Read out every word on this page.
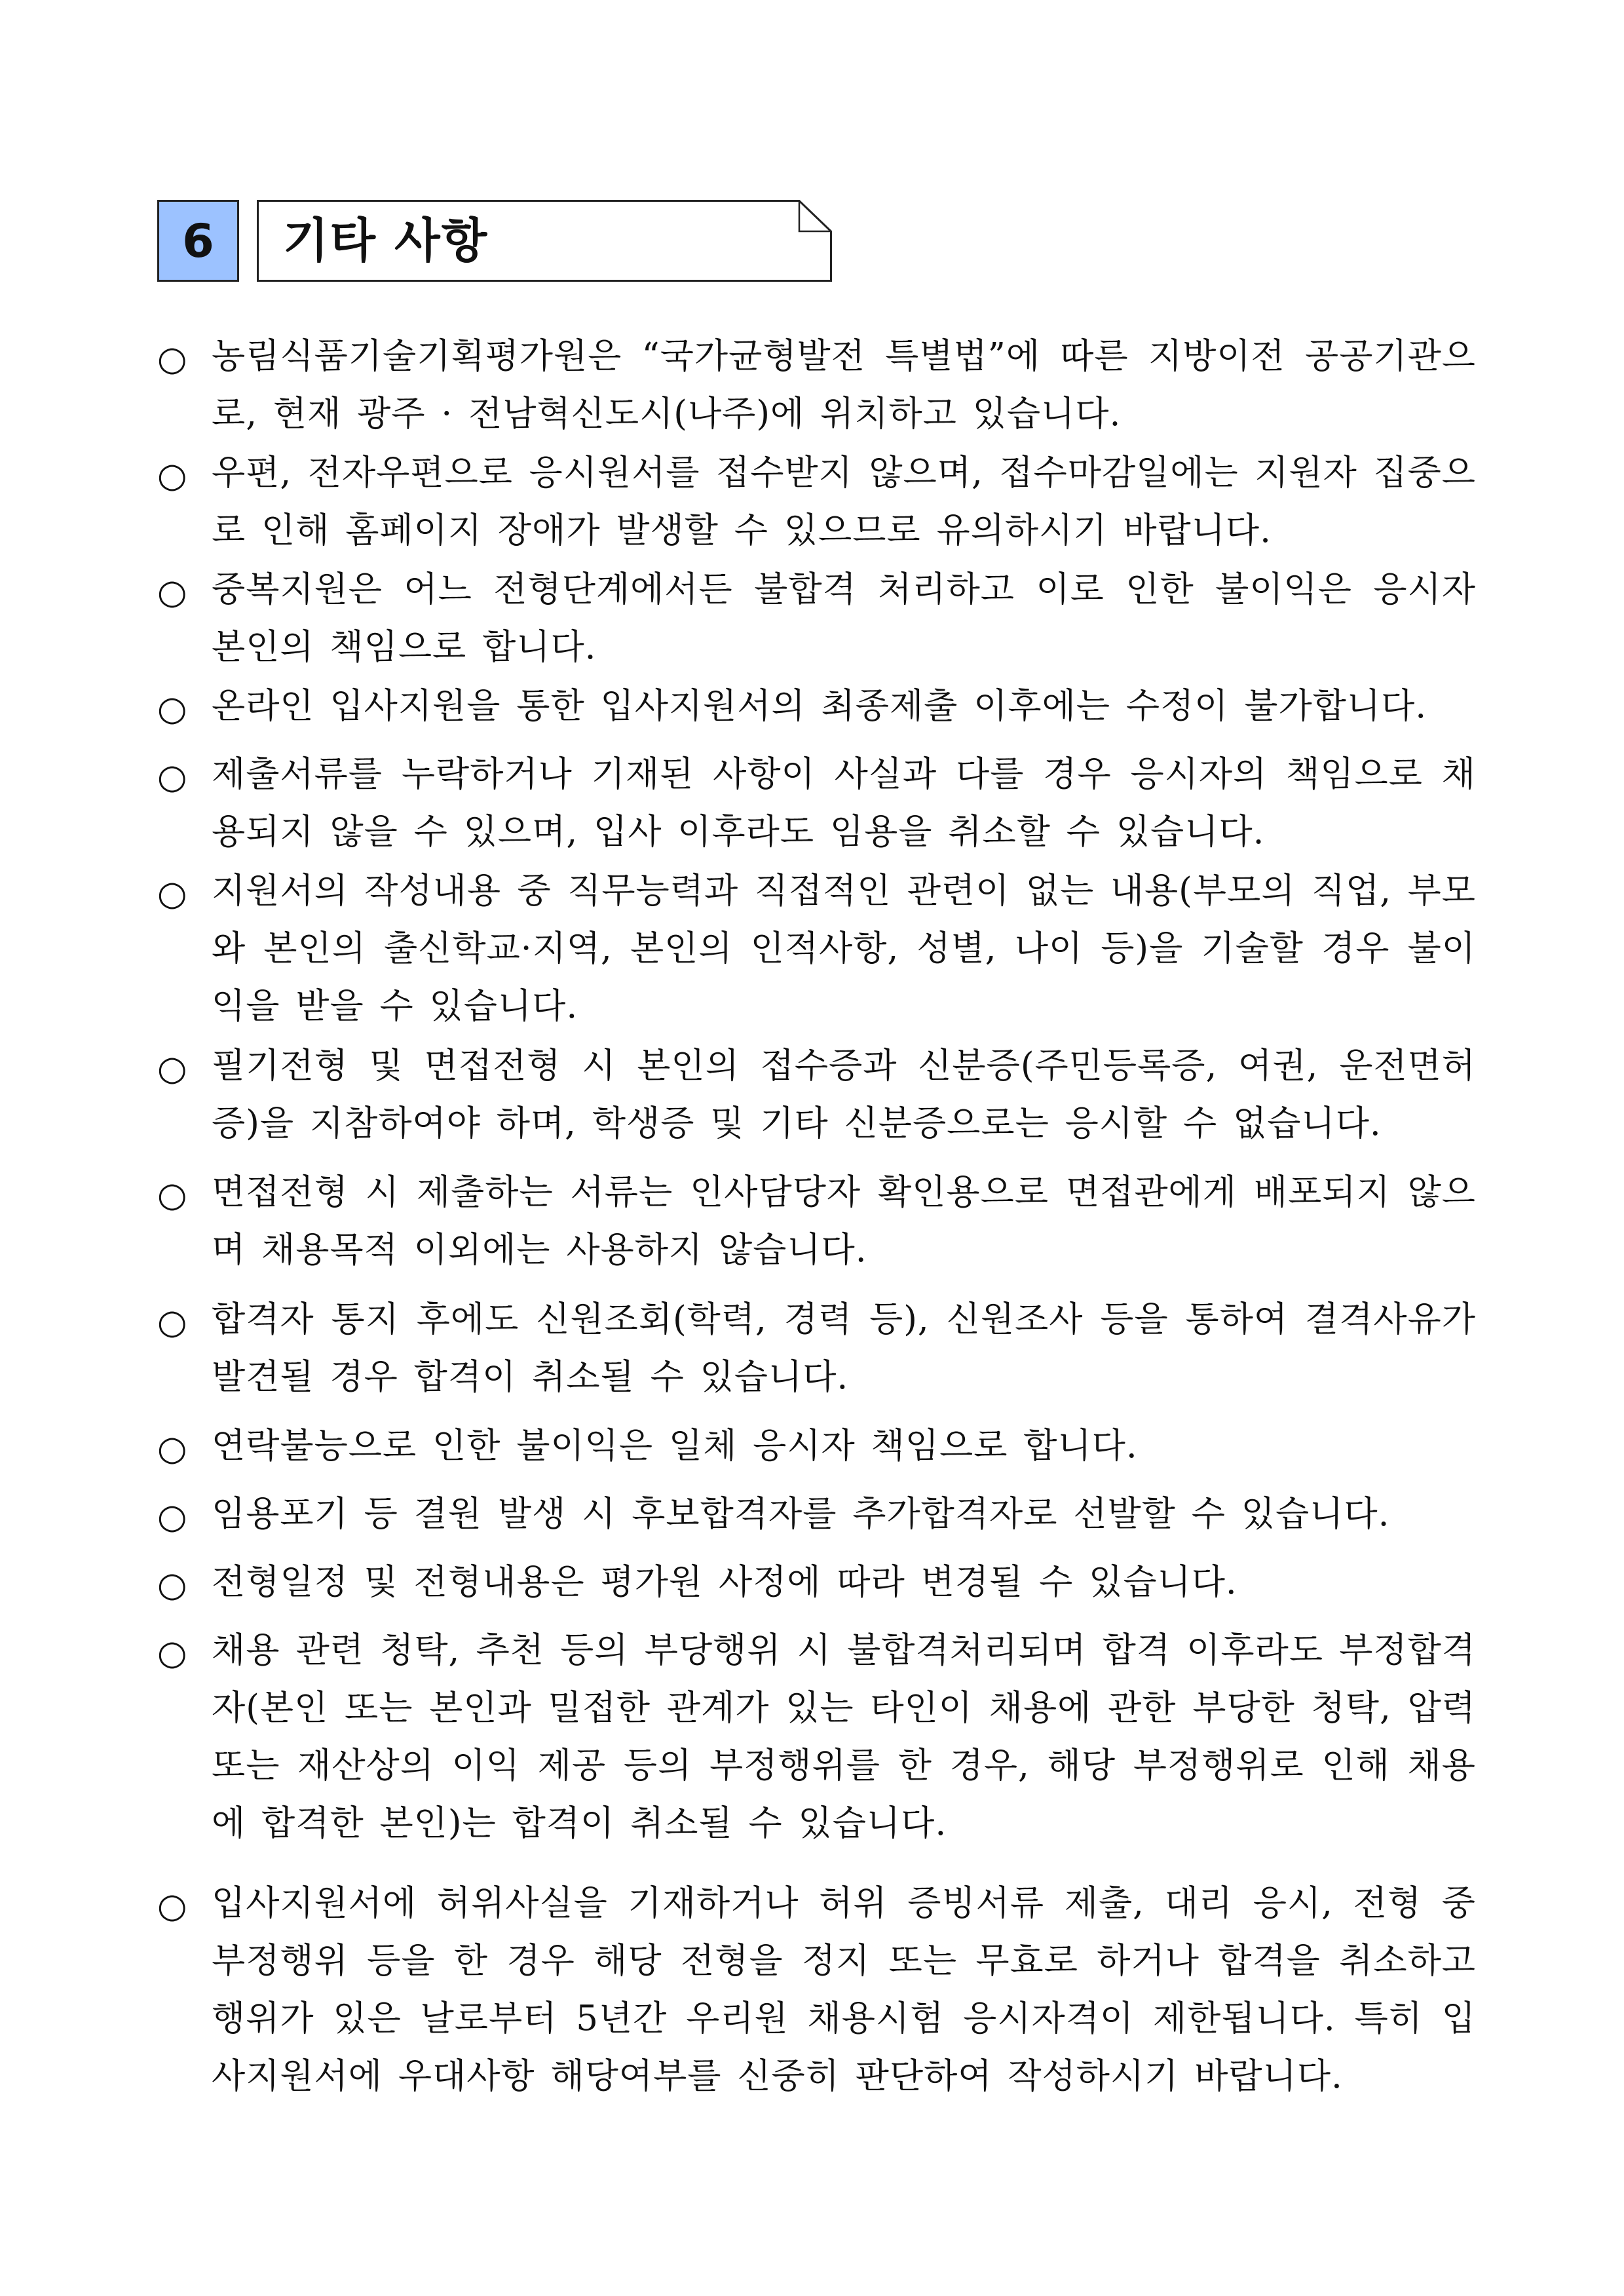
6	기타 사항
○ 농림식품기술기획평가원은 “국가균형발전 특별법”에 따른 지방이전 공공기관으로, 현재 광주 · 전남혁신도시(나주)에 위치하고 있습니다.
○ 우편, 전자우편으로 응시원서를 접수받지 않으며, 접수마감일에는 지원자 집중으로 인해 홈페이지 장애가 발생할 수 있으므로 유의하시기 바랍니다.
○ 중복지원은 어느 전형단계에서든 불합격 처리하고 이로 인한 불이익은 응시자 본인의 책임으로 합니다.
○ 온라인 입사지원을 통한 입사지원서의 최종제출 이후에는 수정이 불가합니다.
○ 제출서류를 누락하거나 기재된 사항이 사실과 다를 경우 응시자의 책임으로 채용되지 않을 수 있으며, 입사 이후라도 임용을 취소할 수 있습니다.
○ 지원서의 작성내용 중 직무능력과 직접적인 관련이 없는 내용(부모의 직업, 부모와 본인의 출신학교·지역, 본인의 인적사항, 성별, 나이 등)을 기술할 경우 불이익을 받을 수 있습니다.
○ 필기전형 및 면접전형 시 본인의 접수증과 신분증(주민등록증, 여권, 운전면허증)을 지참하여야 하며, 학생증 및 기타 신분증으로는 응시할 수 없습니다.
○ 면접전형 시 제출하는 서류는 인사담당자 확인용으로 면접관에게 배포되지 않으며 채용목적 이외에는 사용하지 않습니다.
○ 합격자 통지 후에도 신원조회(학력, 경력 등), 신원조사 등을 통하여 결격사유가 발견될 경우 합격이 취소될 수 있습니다.
○ 연락불능으로 인한 불이익은 일체 응시자 책임으로 합니다.
○ 임용포기 등 결원 발생 시 후보합격자를 추가합격자로 선발할 수 있습니다.
○ 전형일정 및 전형내용은 평가원 사정에 따라 변경될 수 있습니다.
○ 채용 관련 청탁, 추천 등의 부당행위 시 불합격처리되며 합격 이후라도 부정합격자(본인 또는 본인과 밀접한 관계가 있는 타인이 채용에 관한 부당한 청탁, 압력 또는 재산상의 이익 제공 등의 부정행위를 한 경우, 해당 부정행위로 인해 채용에 합격한 본인)는 합격이 취소될 수 있습니다.
○ 입사지원서에 허위사실을 기재하거나 허위 증빙서류 제출, 대리 응시, 전형 중 부정행위 등을 한 경우 해당 전형을 정지 또는 무효로 하거나 합격을 취소하고 행위가 있은 날로부터 5년간 우리원 채용시험 응시자격이 제한됩니다. 특히 입사지원서에 우대사항 해당여부를 신중히 판단하여 작성하시기 바랍니다.
